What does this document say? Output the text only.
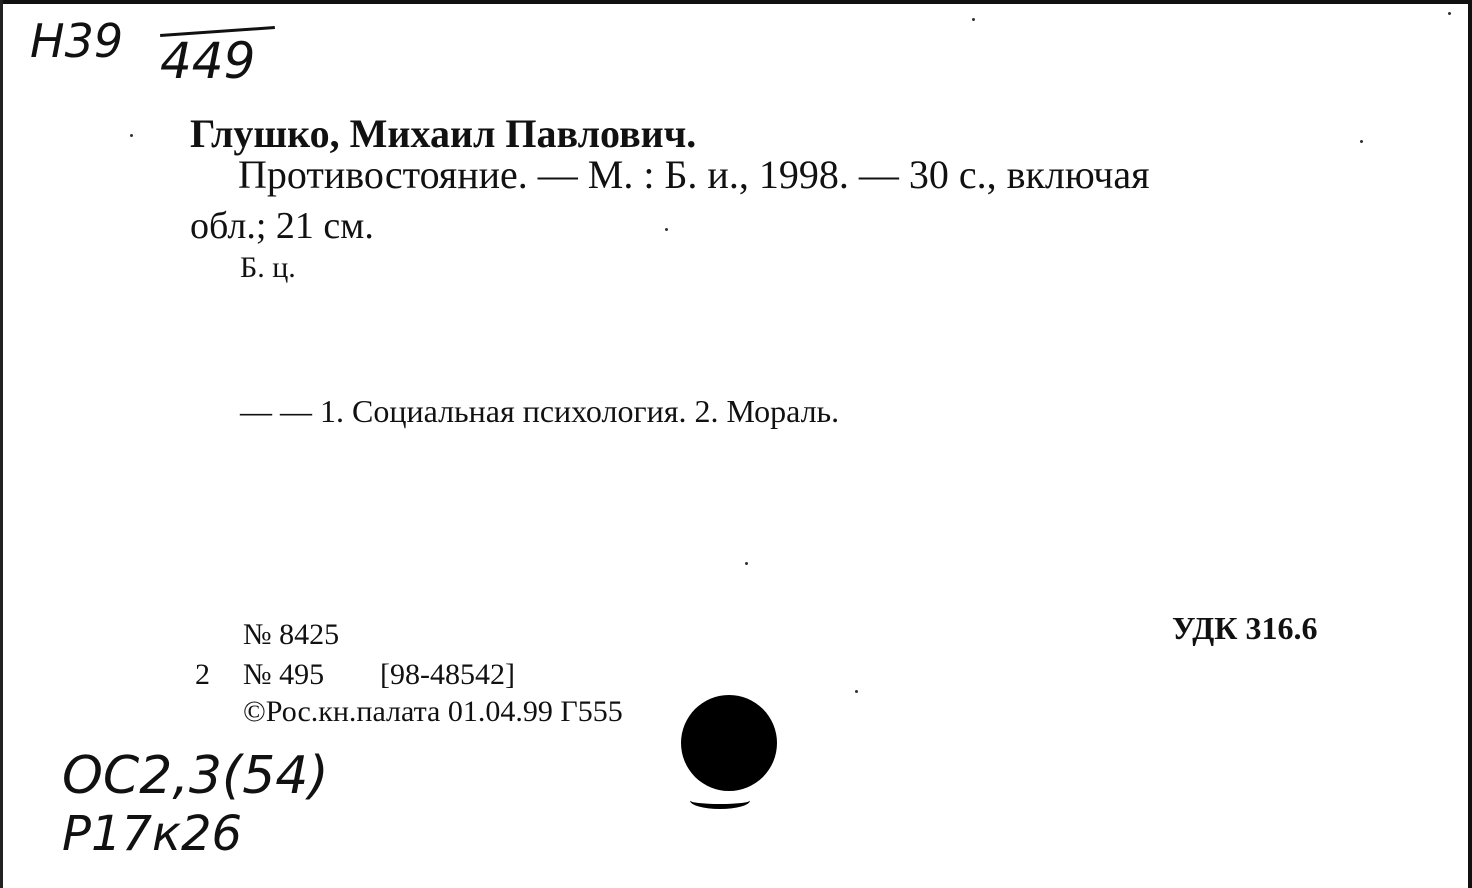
Н39 449
Глушко, Михаил Павлович.
Противостояние. — М. : Б. и., 1998. — 30 с., включая
обл.; 21 см.
Б. ц.
— — 1. Социальная психология. 2. Мораль.
№ 8425
2 № 495 [98-48542]
©Рос.кн.палата 01.04.99 Г555
УДК 316.6
ОС2,3(54)
Р17к26
